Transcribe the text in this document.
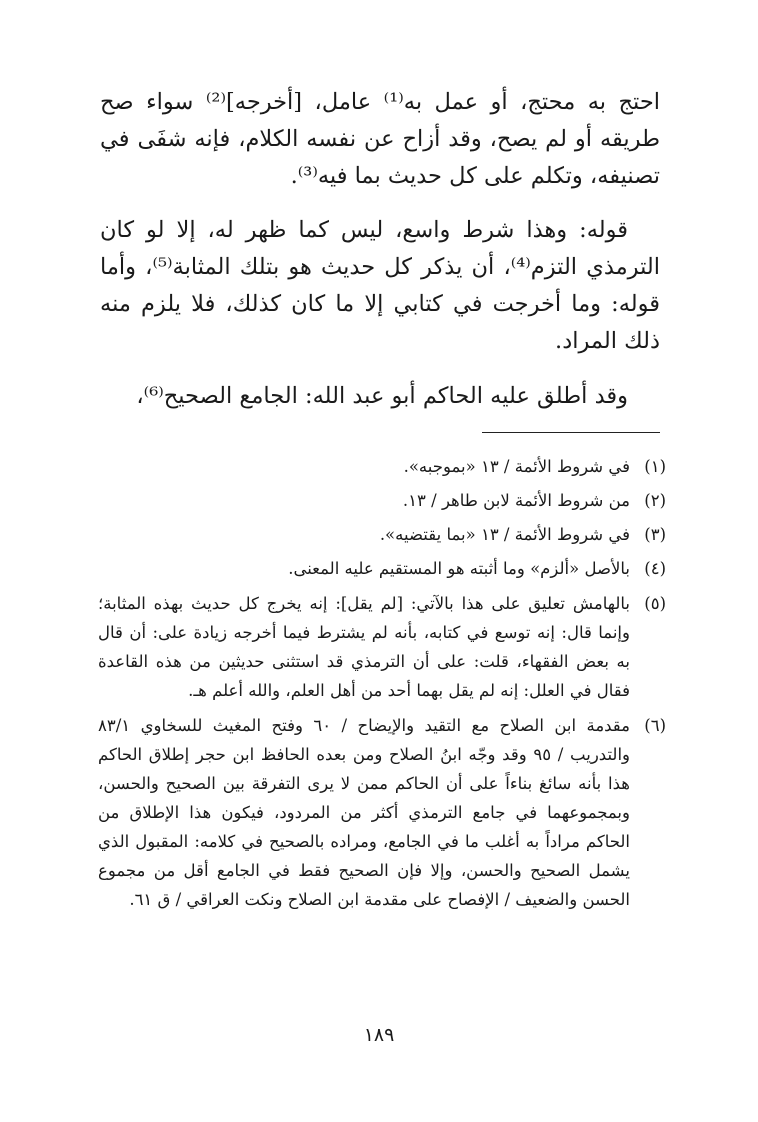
احتج به محتج، أو عمل به⁽¹⁾ عامل، [أخرجه]⁽²⁾ سواء صح طريقه أو لم يصح، وقد أزاح عن نفسه الكلام، فإنه شفَى في تصنيفه، وتكلم على كل حديث بما فيه⁽³⁾.

قوله: وهذا شرط واسع، ليس كما ظهر له، إلا لو كان الترمذي التزم⁽⁴⁾، أن يذكر كل حديث هو بتلك المثابة⁽⁵⁾، وأما قوله: وما أخرجت في كتابي إلا ما كان كذلك، فلا يلزم منه ذلك المراد.

وقد أطلق عليه الحاكم أبو عبد الله: الجامع الصحيح⁽⁶⁾،

(١)
في شروط الأئمة / ١٣ «بموجبه».
(٢)
من شروط الأئمة لابن طاهر / ١٣.
(٣)
في شروط الأئمة / ١٣ «بما يقتضيه».
(٤)
بالأصل «ألزم» وما أثبته هو المستقيم عليه المعنى.
(٥)
بالهامش تعليق على هذا بالآتي: [لم يقل]: إنه يخرج كل حديث بهذه المثابة؛ وإنما قال: إنه توسع في كتابه، بأنه لم يشترط فيما أخرجه زيادة على: أن قال به بعض الفقهاء، قلت: على أن الترمذي قد استثنى حديثين من هذه القاعدة فقال في العلل: إنه لم يقل بهما أحد من أهل العلم، والله أعلم هـ.
(٦)
مقدمة ابن الصلاح مع التقيد والإيضاح / ٦٠ وفتح المغيث للسخاوي ٨٣/١ والتدريب / ٩٥ وقد وجّه ابنُ الصلاح ومن بعده الحافظ ابن حجر إطلاق الحاكم هذا بأنه سائغ بناءاً على أن الحاكم ممن لا يرى التفرقة بين الصحيح والحسن، وبمجموعهما في جامع الترمذي أكثر من المردود، فيكون هذا الإطلاق من الحاكم مراداً به أغلب ما في الجامع، ومراده بالصحيح في كلامه: المقبول الذي يشمل الصحيح والحسن، وإلا فإن الصحيح فقط في الجامع أقل من مجموع الحسن والضعيف / الإفصاح على مقدمة ابن الصلاح ونكت العراقي / ق ٦١.
١٨٩
